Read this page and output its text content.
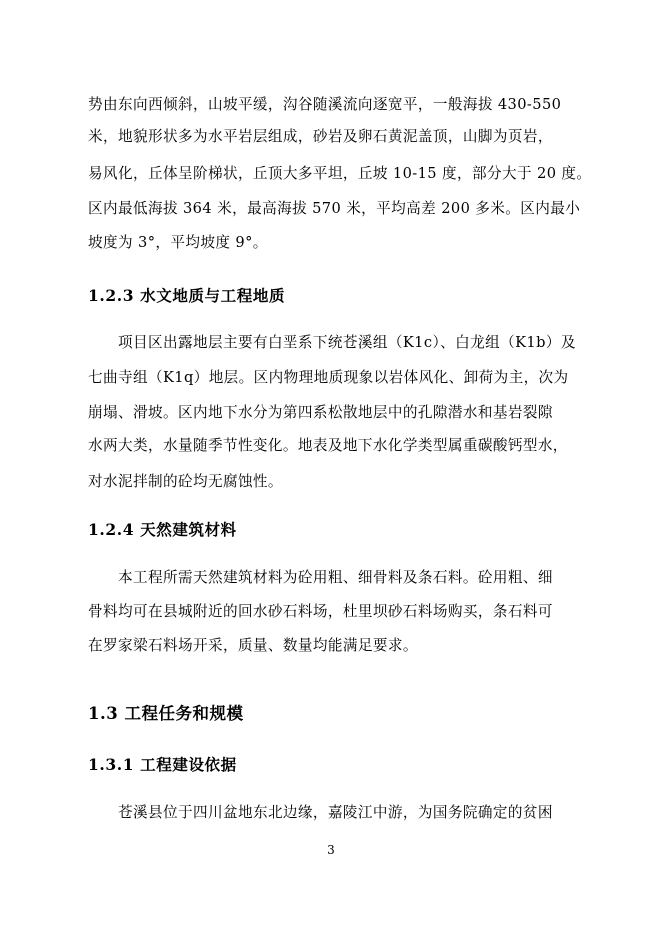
势由东向西倾斜，山坡平缓，沟谷随溪流向逐宽平，一般海拔 430-550
米，地貌形状多为水平岩层组成，砂岩及卵石黄泥盖顶，山脚为页岩，
易风化，丘体呈阶梯状，丘顶大多平坦，丘坡 10-15 度，部分大于 20 度。
区内最低海拔 364 米，最高海拔 570 米，平均高差 200 多米。区内最小
坡度为 3°，平均坡度 9°。
1.2.3 水文地质与工程地质
项目区出露地层主要有白垩系下统苍溪组（K1c）、白龙组（K1b）及
七曲寺组（K1q）地层。区内物理地质现象以岩体风化、卸荷为主，次为
崩塌、滑坡。区内地下水分为第四系松散地层中的孔隙潜水和基岩裂隙
水两大类，水量随季节性变化。地表及地下水化学类型属重碳酸钙型水，
对水泥拌制的砼均无腐蚀性。
1.2.4 天然建筑材料
本工程所需天然建筑材料为砼用粗、细骨料及条石料。砼用粗、细
骨料均可在县城附近的回水砂石料场，杜里坝砂石料场购买，条石料可
在罗家梁石料场开采，质量、数量均能满足要求。
1.3 工程任务和规模
1.3.1 工程建设依据
苍溪县位于四川盆地东北边缘，嘉陵江中游，为国务院确定的贫困
3
